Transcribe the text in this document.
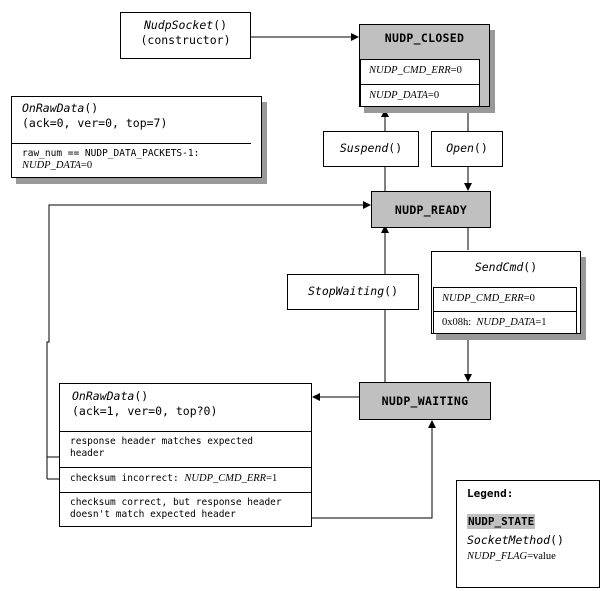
NudpSocket()
(constructor)	NUDP_CLOSED
NUDP_CMD_ERR=0
NUDP_DATA=0
OnRawData()
(ack=0, ver=0, top=7)
raw_num == NUDP_DATA_PACKETS-1:
NUDP_DATA=0
Suspend()	Open()
NUDP_READY
StopWaiting()
SendCmd()
NUDP_CMD_ERR=0
0x08h: NUDP_DATA=1
NUDP_WAITING
OnRawData()
(ack=1, ver=0, top?0)
response header matches expected header
checksum incorrect: NUDP_CMD_ERR=1
checksum correct, but response header doesn't match expected header
Legend:
NUDP_STATE
SocketMethod()
NUDP_FLAG=value
